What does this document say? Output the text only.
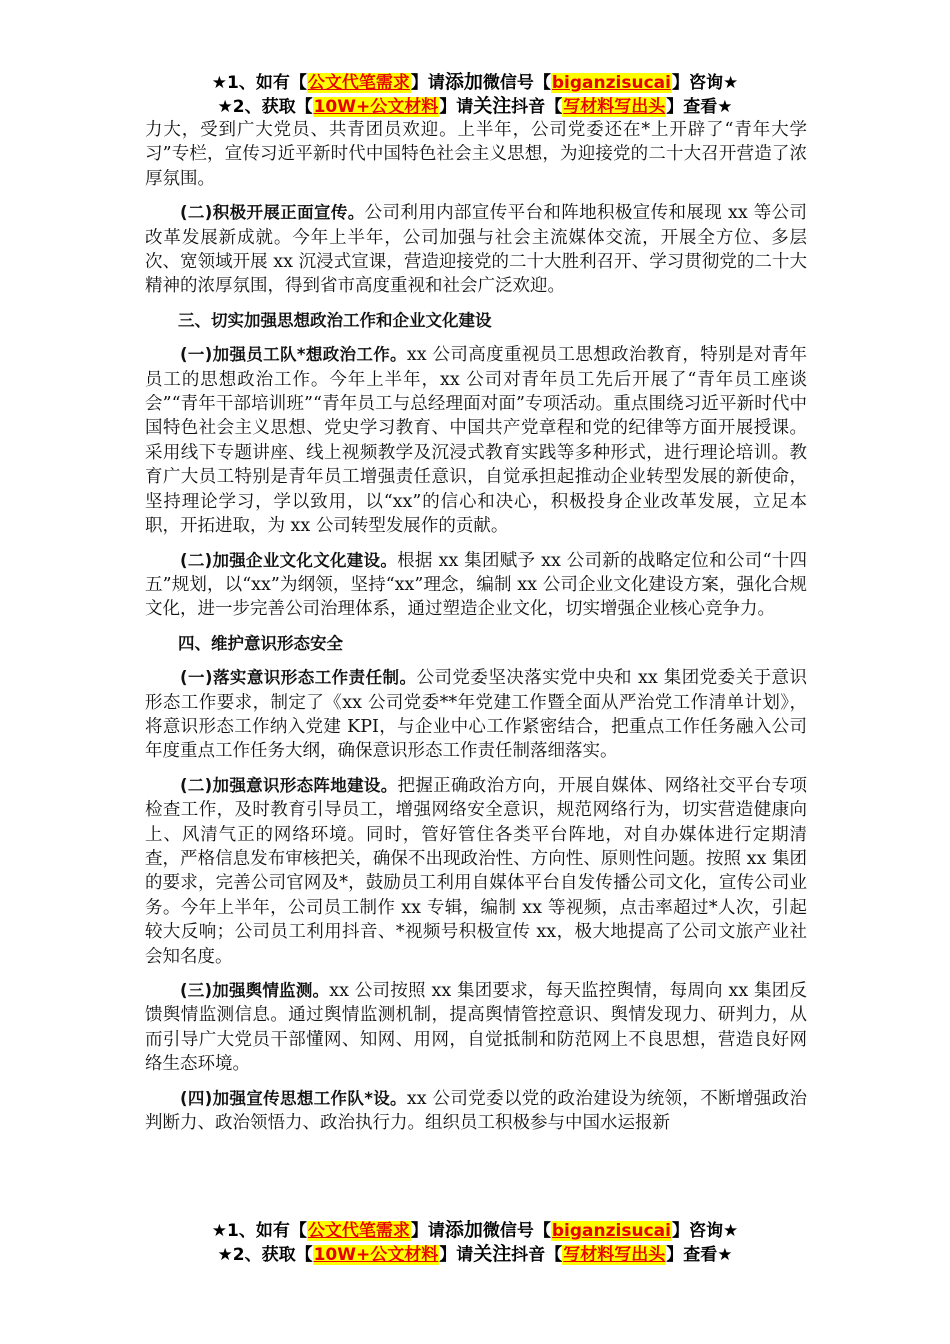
★1、如有【公文代笔需求】请添加微信号【biganzisucai】咨询★
★2、获取【10W+公文材料】请关注抖音【写材料写出头】查看★

力大，受到广大党员、共青团员欢迎。上半年，公司党委还在*上开辟了“青年大学习”专栏，宣传习近平新时代中国特色社会主义思想，为迎接党的二十大召开营造了浓厚氛围。

(二)积极开展正面宣传。公司利用内部宣传平台和阵地积极宣传和展现 xx 等公司改革发展新成就。今年上半年，公司加强与社会主流媒体交流，开展全方位、多层次、宽领域开展 xx 沉浸式宣课，营造迎接党的二十大胜利召开、学习贯彻党的二十大精神的浓厚氛围，得到省市高度重视和社会广泛欢迎。

三、切实加强思想政治工作和企业文化建设

(一)加强员工队*想政治工作。xx 公司高度重视员工思想政治教育，特别是对青年员工的思想政治工作。今年上半年，xx 公司对青年员工先后开展了“青年员工座谈会”“青年干部培训班”“青年员工与总经理面对面”专项活动。重点围绕习近平新时代中国特色社会主义思想、党史学习教育、中国共产党章程和党的纪律等方面开展授课。采用线下专题讲座、线上视频教学及沉浸式教育实践等多种形式，进行理论培训。教育广大员工特别是青年员工增强责任意识，自觉承担起推动企业转型发展的新使命，坚持理论学习，学以致用，以“xx”的信心和决心，积极投身企业改革发展，立足本职，开拓进取，为 xx 公司转型发展作的贡献。

(二)加强企业文化文化建设。根据 xx 集团赋予 xx 公司新的战略定位和公司“十四五”规划，以“xx”为纲领，坚持“xx”理念，编制 xx 公司企业文化建设方案，强化合规文化，进一步完善公司治理体系，通过塑造企业文化，切实增强企业核心竞争力。

四、维护意识形态安全

(一)落实意识形态工作责任制。公司党委坚决落实党中央和 xx 集团党委关于意识形态工作要求，制定了《xx 公司党委**年党建工作暨全面从严治党工作清单计划》，将意识形态工作纳入党建 KPI，与企业中心工作紧密结合，把重点工作任务融入公司年度重点工作任务大纲，确保意识形态工作责任制落细落实。

(二)加强意识形态阵地建设。把握正确政治方向，开展自媒体、网络社交平台专项检查工作，及时教育引导员工，增强网络安全意识，规范网络行为，切实营造健康向上、风清气正的网络环境。同时，管好管住各类平台阵地，对自办媒体进行定期清查，严格信息发布审核把关，确保不出现政治性、方向性、原则性问题。按照 xx 集团的要求，完善公司官网及*，鼓励员工利用自媒体平台自发传播公司文化，宣传公司业务。今年上半年，公司员工制作 xx 专辑，编制 xx 等视频，点击率超过*人次，引起较大反响；公司员工利用抖音、*视频号积极宣传 xx，极大地提高了公司文旅产业社会知名度。

(三)加强舆情监测。xx 公司按照 xx 集团要求，每天监控舆情，每周向 xx 集团反馈舆情监测信息。通过舆情监测机制，提高舆情管控意识、舆情发现力、研判力，从而引导广大党员干部懂网、知网、用网，自觉抵制和防范网上不良思想，营造良好网络生态环境。

(四)加强宣传思想工作队*设。xx 公司党委以党的政治建设为统领，不断增强政治判断力、政治领悟力、政治执行力。组织员工积极参与中国水运报新

★1、如有【公文代笔需求】请添加微信号【biganzisucai】咨询★
★2、获取【10W+公文材料】请关注抖音【写材料写出头】查看★
